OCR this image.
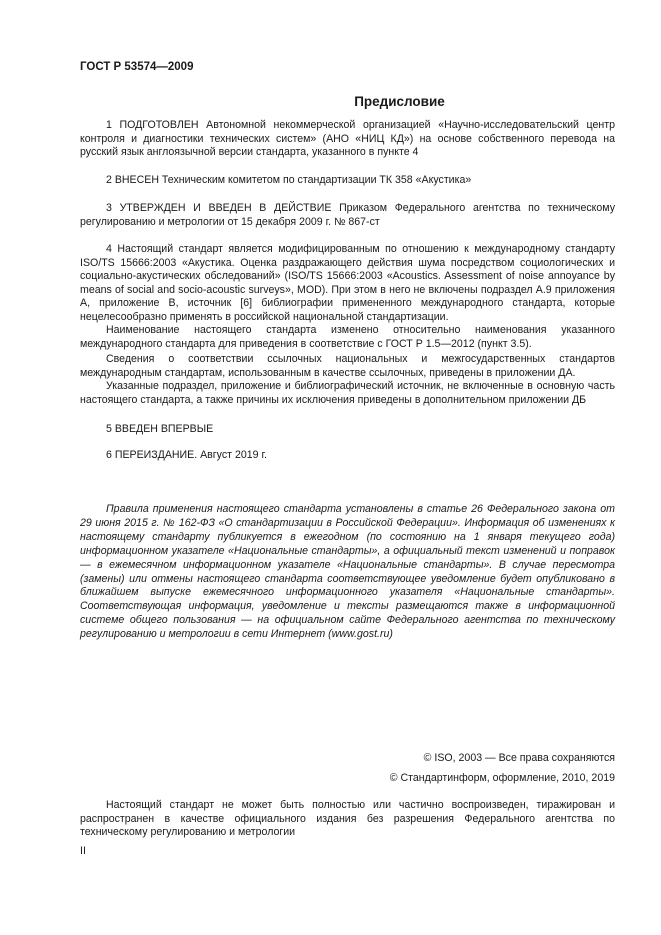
ГОСТ Р 53574—2009
Предисловие

1 ПОДГОТОВЛЕН Автономной некоммерческой организацией «Научно-исследовательский центр контроля и диагностики технических систем» (АНО «НИЦ КД») на основе собственного перевода на русский язык англоязычной версии стандарта, указанного в пункте 4

2 ВНЕСЕН Техническим комитетом по стандартизации ТК 358 «Акустика»

3 УТВЕРЖДЕН И ВВЕДЕН В ДЕЙСТВИЕ Приказом Федерального агентства по техническому регулированию и метрологии от 15 декабря 2009 г. № 867-ст

4 Настоящий стандарт является модифицированным по отношению к международному стандарту ISO/TS 15666:2003 «Акустика. Оценка раздражающего действия шума посредством социологических и социально-акустических обследований» (ISO/TS 15666:2003 «Acoustics. Assessment of noise annoyance by means of social and socio-acoustic surveys», MOD). При этом в него не включены подраздел А.9 приложения А, приложение В, источник [6] библиографии примененного международного стандарта, которые нецелесообразно применять в российской национальной стандартизации.

Наименование настоящего стандарта изменено относительно наименования указанного международного стандарта для приведения в соответствие с ГОСТ Р 1.5—2012 (пункт 3.5).

Сведения о соответствии ссылочных национальных и межгосударственных стандартов международным стандартам, использованным в качестве ссылочных, приведены в приложении ДА.

Указанные подраздел, приложение и библиографический источник, не включенные в основную часть настоящего стандарта, а также причины их исключения приведены в дополнительном приложении ДБ

5 ВВЕДЕН ВПЕРВЫЕ

6 ПЕРЕИЗДАНИЕ. Август 2019 г.

Правила применения настоящего стандарта установлены в статье 26 Федерального закона от 29 июня 2015 г. № 162-ФЗ «О стандартизации в Российской Федерации». Информация об изменениях к настоящему стандарту публикуется в ежегодном (по состоянию на 1 января текущего года) информационном указателе «Национальные стандарты», а официальный текст изменений и поправок — в ежемесячном информационном указателе «Национальные стандарты». В случае пересмотра (замены) или отмены настоящего стандарта соответствующее уведомление будет опубликовано в ближайшем выпуске ежемесячного информационного указателя «Национальные стандарты». Соответствующая информация, уведомление и тексты размещаются также в информационной системе общего пользования — на официальном сайте Федерального агентства по техническому регулированию и метрологии в сети Интернет (www.gost.ru)

© ISO, 2003 — Все права сохраняются

© Стандартинформ, оформление, 2010, 2019

Настоящий стандарт не может быть полностью или частично воспроизведен, тиражирован и распространен в качестве официального издания без разрешения Федерального агентства по техническому регулированию и метрологии

II
